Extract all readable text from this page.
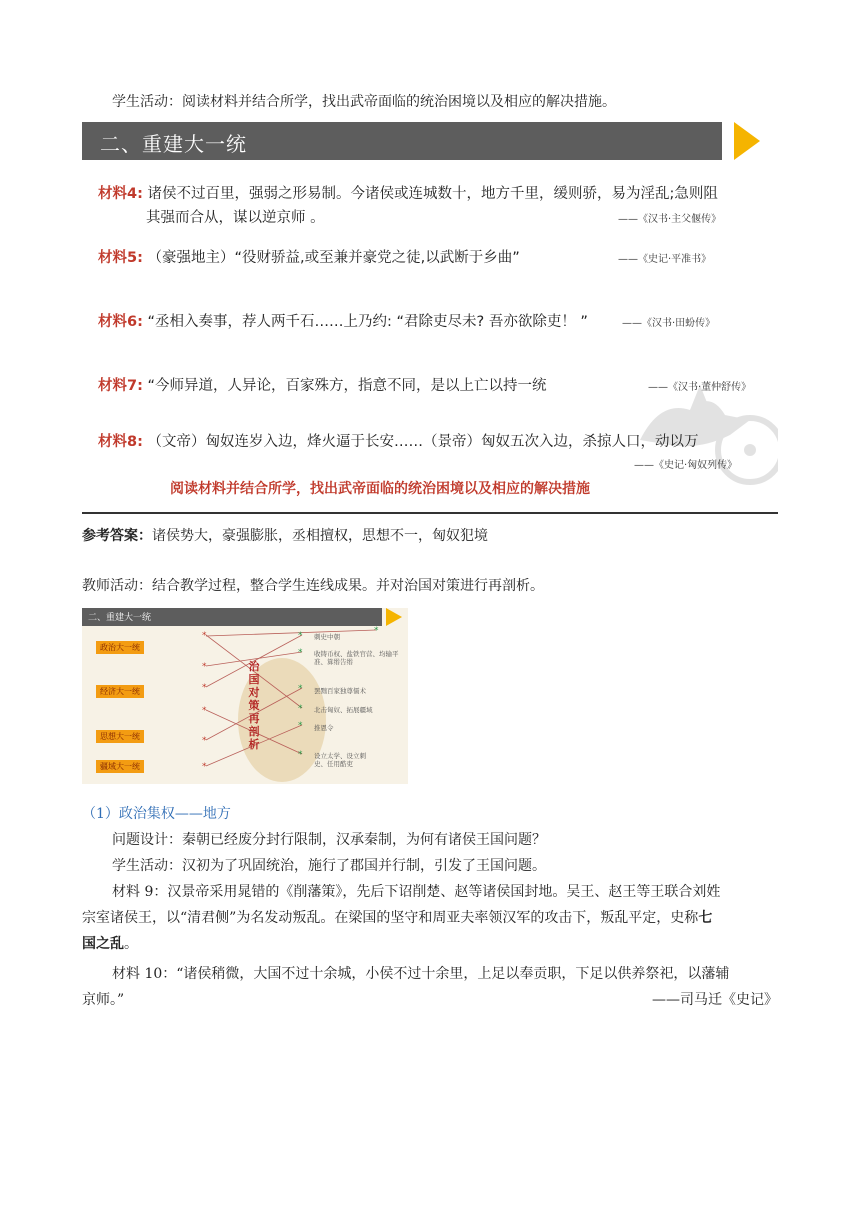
学生活动：阅读材料并结合所学，找出武帝面临的统治困境以及相应的解决措施。
二、重建大一统
材料4: 诸侯不过百里，强弱之形易制。今诸侯或连城数十，地方千里，缓则骄，易为淫乱;急则阻
其强而合从，谋以逆京师 。	——《汉书·主父偃传》
材料5: （豪强地主）“役财骄益,或至兼并豪党之徒,以武断于乡曲”	——《史记·平准书》
材料6: “丞相入奏事，荐人两千石……上乃约: “君除吏尽未? 吾亦欲除吏！ ”	——《汉书·田蚡传》
材料7: “今师异道，人异论，百家殊方，指意不同，是以上亡以持一统	——《汉书·董仲舒传》
材料8: （文帝）匈奴连岁入边，烽火逼于长安……（景帝）匈奴五次入边，杀掠人口，动以万
——《史记·匈奴列传》
阅读材料并结合所学，找出武帝面临的统治困境以及相应的解决措施
参考答案：诸侯势大，豪强膨胀，丞相擅权，思想不一，匈奴犯境
教师活动：结合教学过程，整合学生连线成果。并对治国对策进行再剖析。
二、重建大一统
政治大一统
经济大一统
思想大一统
疆域大一统
*
*
*
*
*
*
*
*
*
*
*
*
*
治国对策再剖析
刺史中朝
收铸币权、盐铁官营、均输平准、算缗告缗
罢黜百家独尊儒术
北击匈奴、拓展疆域
推恩令
设立太学、设立刺史、任用酷吏
（1）政治集权——地方
问题设计：秦朝已经废分封行限制，汉承秦制，为何有诸侯王国问题？
学生活动：汉初为了巩固统治，施行了郡国并行制，引发了王国问题。
材料 9：汉景帝采用晁错的《削藩策》，先后下诏削楚、赵等诸侯国封地。吴王、赵王等王联合刘姓
宗室诸侯王，以“清君侧”为名发动叛乱。在梁国的坚守和周亚夫率领汉军的攻击下，叛乱平定，史称七
国之乱。
材料 10：“诸侯稍微，大国不过十余城，小侯不过十余里，上足以奉贡职，下足以供养祭祀，以藩辅
京师。”	——司马迁《史记》
